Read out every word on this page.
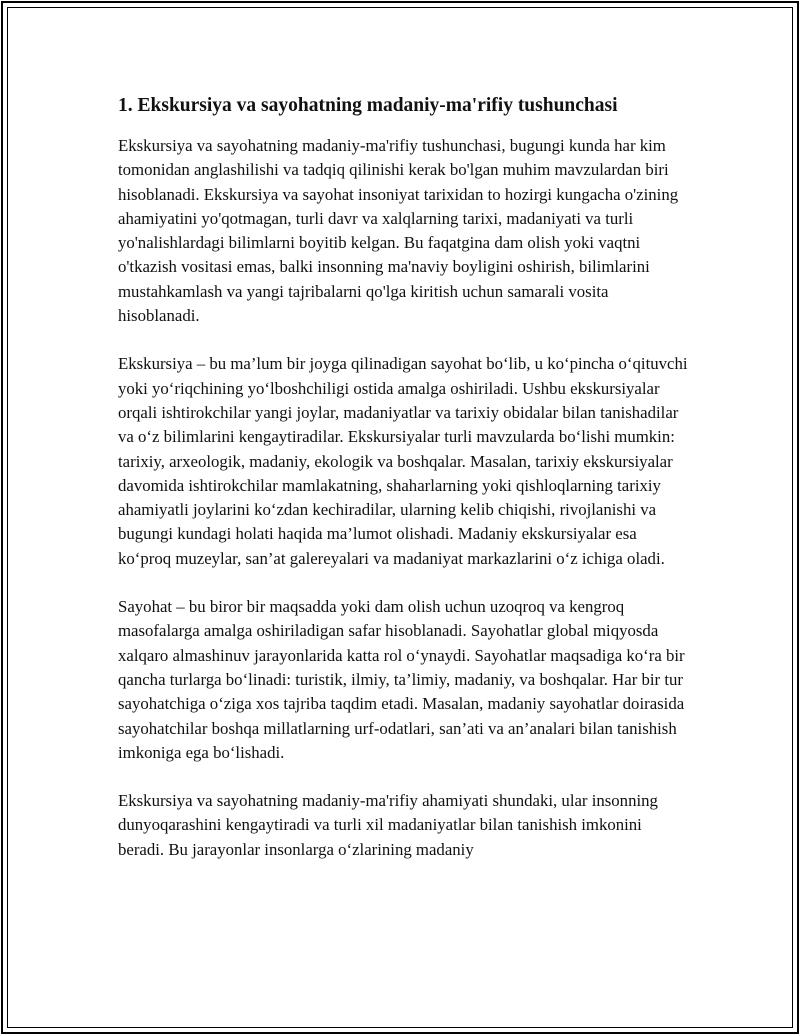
1. Ekskursiya va sayohatning madaniy-ma'rifiy tushunchasi

Ekskursiya va sayohatning madaniy-ma'rifiy tushunchasi, bugungi kunda har kim tomonidan anglashilishi va tadqiq qilinishi kerak bo'lgan muhim mavzulardan biri hisoblanadi. Ekskursiya va sayohat insoniyat tarixidan to hozirgi kungacha o'zining ahamiyatini yo'qotmagan, turli davr va xalqlarning tarixi, madaniyati va turli yo'nalishlardagi bilimlarni boyitib kelgan. Bu faqatgina dam olish yoki vaqtni o'tkazish vositasi emas, balki insonning ma'naviy boyligini oshirish, bilimlarini mustahkamlash va yangi tajribalarni qo'lga kiritish uchun samarali vosita hisoblanadi.

Ekskursiya – bu ma’lum bir joyga qilinadigan sayohat bo‘lib, u ko‘pincha o‘qituvchi yoki yo‘riqchining yo‘lboshchiligi ostida amalga oshiriladi. Ushbu ekskursiyalar orqali ishtirokchilar yangi joylar, madaniyatlar va tarixiy obidalar bilan tanishadilar va o‘z bilimlarini kengaytiradilar. Ekskursiyalar turli mavzularda bo‘lishi mumkin: tarixiy, arxeologik, madaniy, ekologik va boshqalar. Masalan, tarixiy ekskursiyalar davomida ishtirokchilar mamlakatning, shaharlarning yoki qishloqlarning tarixiy ahamiyatli joylarini ko‘zdan kechiradilar, ularning kelib chiqishi, rivojlanishi va bugungi kundagi holati haqida ma’lumot olishadi. Madaniy ekskursiyalar esa ko‘proq muzeylar, san’at galereyalari va madaniyat markazlarini o‘z ichiga oladi.

Sayohat – bu biror bir maqsadda yoki dam olish uchun uzoqroq va kengroq masofalarga amalga oshiriladigan safar hisoblanadi. Sayohatlar global miqyosda xalqaro almashinuv jarayonlarida katta rol o‘ynaydi. Sayohatlar maqsadiga ko‘ra bir qancha turlarga bo‘linadi: turistik, ilmiy, ta’limiy, madaniy, va boshqalar. Har bir tur sayohatchiga o‘ziga xos tajriba taqdim etadi. Masalan, madaniy sayohatlar doirasida sayohatchilar boshqa millatlarning urf-odatlari, san’ati va an’analari bilan tanishish imkoniga ega bo‘lishadi.

Ekskursiya va sayohatning madaniy-ma'rifiy ahamiyati shundaki, ular insonning dunyoqarashini kengaytiradi va turli xil madaniyatlar bilan tanishish imkonini beradi. Bu jarayonlar insonlarga o‘zlarining madaniy
